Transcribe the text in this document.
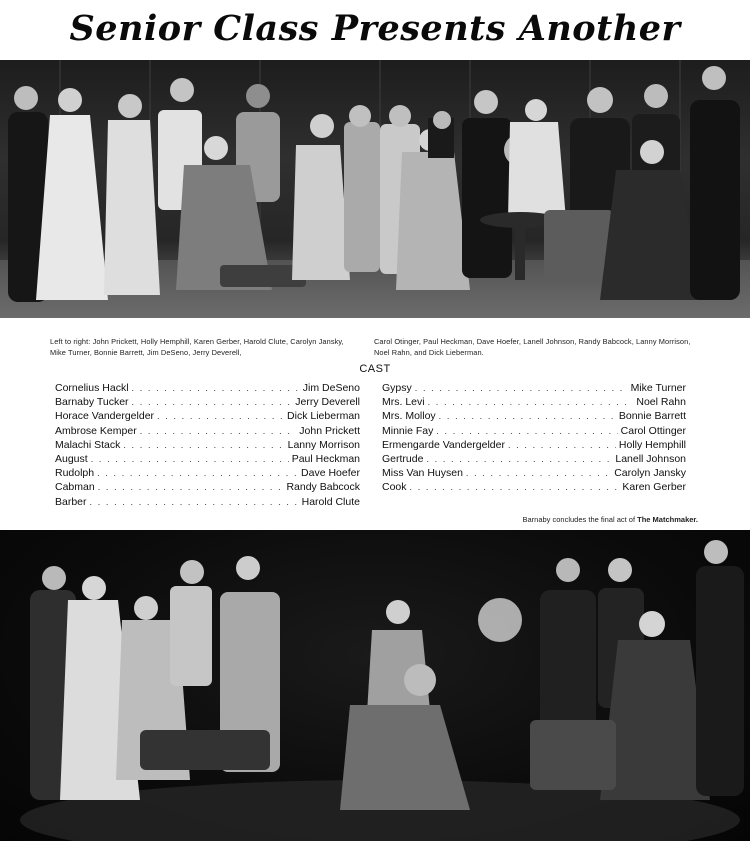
Senior Class Presents Another
Left to right: John Prickett, Holly Hemphill, Karen Gerber, Harold Clute, Carolyn Jansky, Mike Turner, Bonnie Barrett, Jim DeSeno, Jerry Deverell,
Carol Otinger, Paul Heckman, Dave Hoefer, Lanell Johnson, Randy Babcock, Lanny Morrison, Noel Rahn, and Dick Lieberman.
CAST
Cornelius Hackl . . .	Jim DeSeno
Barnaby Tucker . . .	Jerry Deverell
Horace Vandergelder . . .	Dick Lieberman
Ambrose Kemper . . .	John Prickett
Malachi Stack . . .	Lanny Morrison
August . . .	Paul Heckman
Rudolph . . .	Dave Hoefer
Cabman . . .	Randy Babcock
Barber . . .	Harold Clute
Gypsy . . .	Mike Turner
Mrs. Levi . . .	Noel Rahn
Mrs. Molloy . . .	Bonnie Barrett
Minnie Fay . . .	Carol Ottinger
Ermengarde Vandergelder . . .	Holly Hemphill
Gertrude . . .	Lanell Johnson
Miss Van Huysen . . .	Carolyn Jansky
Cook . . .	Karen Gerber
Barnaby concludes the final act of The Matchmaker.
